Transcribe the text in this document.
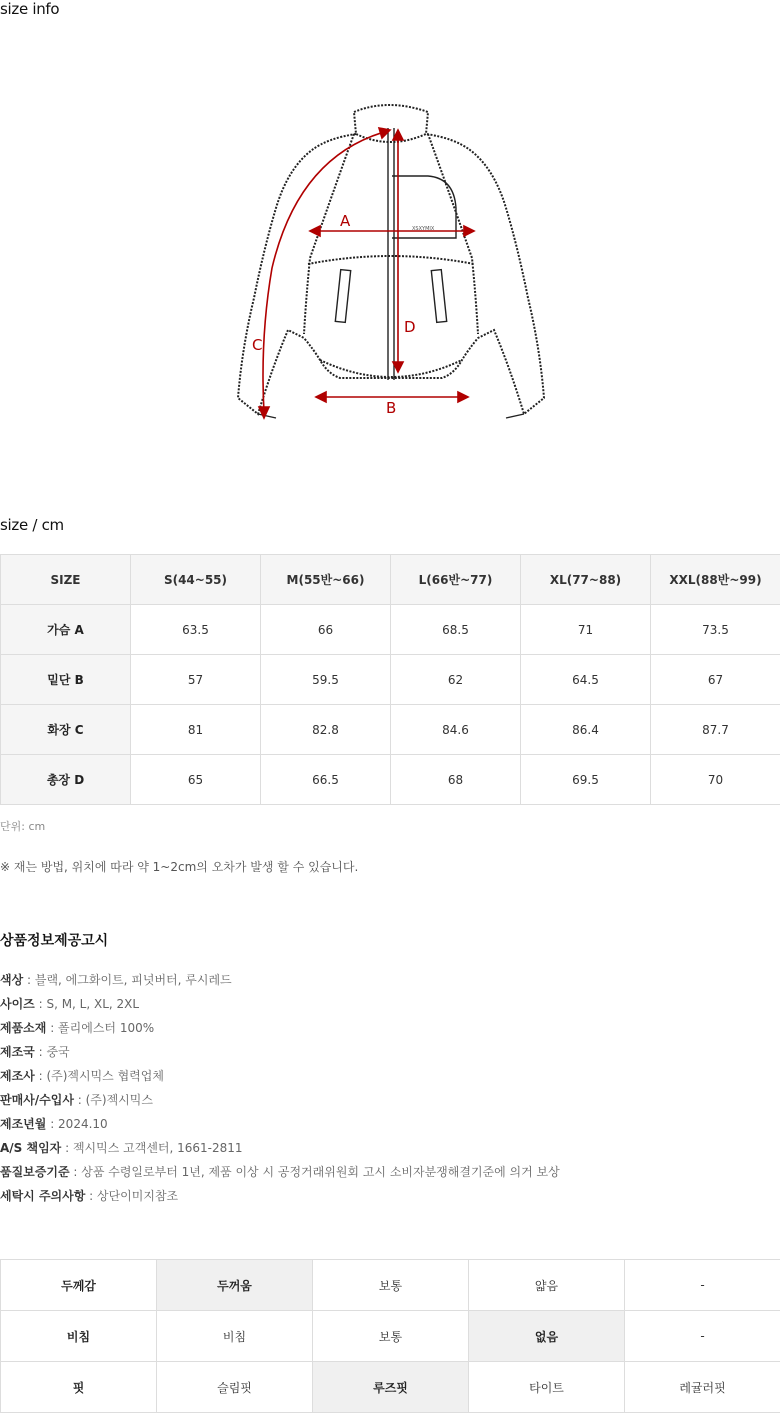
size info
XSXYMIX
A
B
C
D
size / cm
SIZE	S(44~55)	M(55반~66)	L(66반~77)	XL(77~88)	XXL(88반~99)
가슴 A	63.5	66	68.5	71	73.5
밑단 B	57	59.5	62	64.5	67
화장 C	81	82.8	84.6	86.4	87.7
총장 D	65	66.5	68	69.5	70
단위: cm
※ 재는 방법, 위치에 따라 약 1~2cm의 오차가 발생 할 수 있습니다.
상품정보제공고시
색상 : 블랙, 에그화이트, 피넛버터, 루시레드
사이즈 : S, M, L, XL, 2XL
제품소재 : 폴리에스터 100%
제조국 : 중국
제조사 : (주)젝시믹스 협력업체
판매사/수입사 : (주)젝시믹스
제조년월 : 2024.10
A/S 책임자 : 젝시믹스 고객센터, 1661-2811
품질보증기준 : 상품 수령일로부터 1년, 제품 이상 시 공정거래위원회 고시 소비자분쟁해결기준에 의거 보상
세탁시 주의사항 : 상단이미지참조
두께감	두꺼움	보통	얇음	-
비침	비침	보통	없음	-
핏	슬림핏	루즈핏	타이트	레귤러핏
